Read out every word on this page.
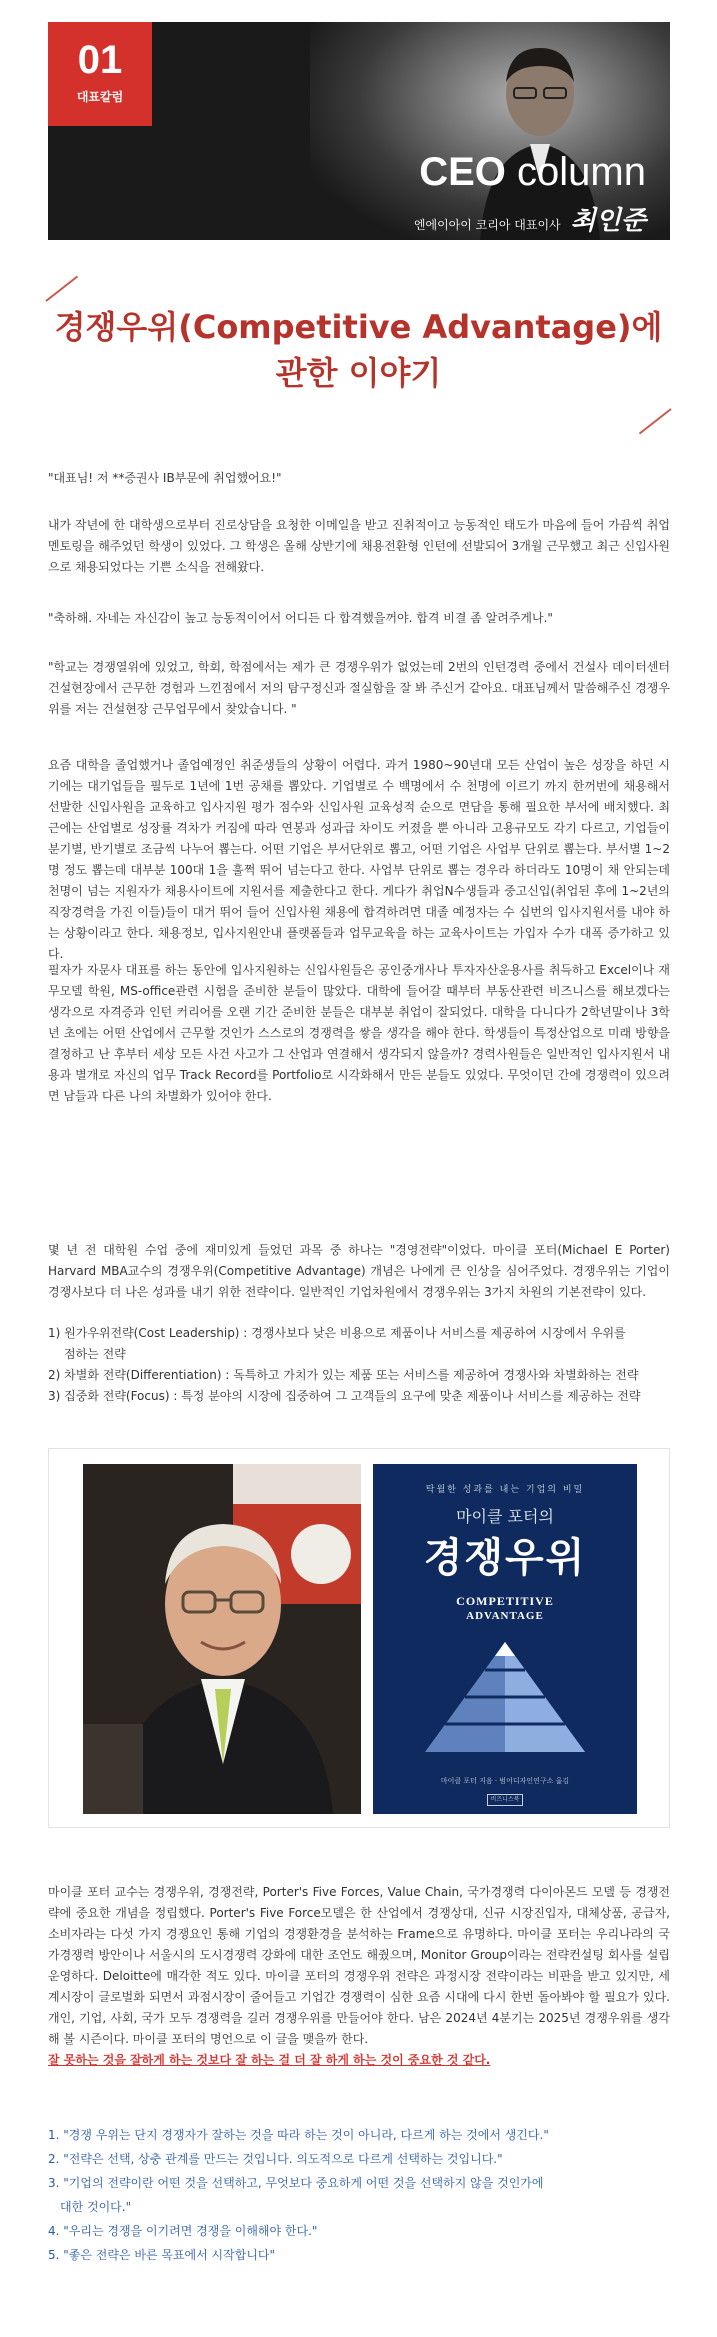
01
대표칼럼
CEO column
엔에이아이 코리아 대표이사 최인준
경쟁우위(Competitive Advantage)에
관한 이야기

"대표님! 저 **증권사 IB부문에 취업했어요!"

내가 작년에 한 대학생으로부터 진로상담을 요청한 이메일을 받고 진취적이고 능동적인 태도가 마음에 들어 가끔씩 취업 멘토링을 해주었던 학생이 있었다. 그 학생은 올해 상반기에 채용전환형 인턴에 선발되어 3개월 근무했고 최근 신입사원으로 채용되었다는 기쁜 소식을 전해왔다.

"축하해. 자네는 자신감이 높고 능동적이어서 어디든 다 합격했을꺼야. 합격 비결 좀 알려주게나."

"학교는 경쟁열위에 있었고, 학회, 학점에서는 제가 큰 경쟁우위가 없었는데 2번의 인턴경력 중에서 건설사 데이터센터 건설현장에서 근무한 경험과 느낀점에서 저의 탐구정신과 절실함을 잘 봐 주신거 같아요. 대표님께서 말씀해주신 경쟁우위를 저는 건설현장 근무업무에서 찾았습니다. "

요즘 대학을 졸업했거나 졸업예정인 취준생들의 상황이 어렵다. 과거 1980~90년대 모든 산업이 높은 성장을 하던 시기에는 대기업들을 필두로 1년에 1번 공채를 뽑았다. 기업별로 수 백명에서 수 천명에 이르기 까지 한꺼번에 채용해서 선발한 신입사원을 교육하고 입사지원 평가 점수와 신입사원 교육성적 순으로 면담을 통해 필요한 부서에 배치했다. 최근에는 산업별로 성장률 격차가 커짐에 따라 연봉과 성과급 차이도 커졌을 뿐 아니라 고용규모도 각기 다르고, 기업들이 분기별, 반기별로 조금씩 나누어 뽑는다. 어떤 기업은 부서단위로 뽑고, 어떤 기업은 사업부 단위로 뽑는다. 부서별 1~2명 정도 뽑는데 대부분 100대 1을 훌쩍 뛰어 넘는다고 한다. 사업부 단위로 뽑는 경우라 하더라도 10명이 채 안되는데 천명이 넘는 지원자가 채용사이트에 지원서를 제출한다고 한다. 게다가 취업N수생들과 중고신입(취업된 후에 1~2년의 직장경력을 가진 이들)들이 대거 뛰어 들어 신입사원 채용에 합격하려면 대졸 예정자는 수 십번의 입사지원서를 내야 하는 상황이라고 한다. 채용정보, 입사지원안내 플랫폼들과 업무교육을 하는 교육사이트는 가입자 수가 대폭 증가하고 있다.

필자가 자문사 대표를 하는 동안에 입사지원하는 신입사원들은 공인중개사나 투자자산운용사를 취득하고 Excel이나 재무모델 학원, MS-office관련 시험을 준비한 분들이 많았다. 대학에 들어갈 때부터 부동산관련 비즈니스를 해보겠다는 생각으로 자격증과 인턴 커리어를 오랜 기간 준비한 분들은 대부분 취업이 잘되었다. 대학을 다니다가 2학년말이나 3학년 초에는 어떤 산업에서 근무할 것인가 스스로의 경쟁력을 쌓을 생각을 해야 한다. 학생들이 특정산업으로 미래 방향을 결정하고 난 후부터 세상 모든 사건 사고가 그 산업과 연결해서 생각되지 않을까? 경력사원들은 일반적인 입사지원서 내용과 별개로 자신의 업무 Track Record를 Portfolio로 시각화해서 만든 분들도 있었다. 무엇이던 간에 경쟁력이 있으려면 남들과 다른 나의 차별화가 있어야 한다.

몇 년 전 대학원 수업 중에 재미있게 들었던 과목 중 하나는 "경영전략"이었다. 마이클 포터(Michael E Porter) Harvard MBA교수의 경쟁우위(Competitive Advantage) 개념은 나에게 큰 인상을 심어주었다. 경쟁우위는 기업이 경쟁사보다 더 나은 성과를 내기 위한 전략이다. 일반적인 기업차원에서 경쟁우위는 3가지 차원의 기본전략이 있다.

1) 원가우위전략(Cost Leadership) : 경쟁사보다 낮은 비용으로 제품이나 서비스를 제공하여 시장에서 우위를
점하는 전략
2) 차별화 전략(Differentiation) : 독특하고 가치가 있는 제품 또는 서비스를 제공하여 경쟁사와 차별화하는 전략
3) 집중화 전략(Focus) : 특정 분야의 시장에 집중하여 그 고객들의 요구에 맞춘 제품이나 서비스를 제공하는 전략
탁월한 성과를 내는 기업의 비밀
마이클 포터의
경쟁우위
COMPETITIVE
ADVANTAGE
마이클 포터 지음 · 범어디자인연구소 옮김
비즈니스북

마이클 포터 교수는 경쟁우위, 경쟁전략, Porter's Five Forces, Value Chain, 국가경쟁력 다이아몬드 모델 등 경쟁전략에 중요한 개념을 정립했다. Porter's Five Force모델은 한 산업에서 경쟁상대, 신규 시장진입자, 대체상품, 공급자, 소비자라는 다섯 가지 경쟁요인 통해 기업의 경쟁환경을 분석하는 Frame으로 유명하다. 마이클 포터는 우리나라의 국가경쟁력 방안이나 서울시의 도시경쟁력 강화에 대한 조언도 해줬으며, Monitor Group이라는 전략컨설팅 회사를 설립 운영하다. Deloitte에 매각한 적도 있다. 마이클 포터의 경쟁우위 전략은 과정시장 전략이라는 비판을 받고 있지만, 세계시장이 글로벌화 되면서 과점시장이 줄어들고 기업간 경쟁력이 심한 요즘 시대에 다시 한번 돌아봐야 할 필요가 있다. 개인, 기업, 사회, 국가 모두 경쟁력을 길러 경쟁우위를 만들어야 한다. 남은 2024년 4분기는 2025년 경쟁우위를 생각해 볼 시즌이다. 마이클 포터의 명언으로 이 글을 맺을까 한다.

잘 못하는 것을 잘하게 하는 것보다 잘 하는 걸 더 잘 하게 하는 것이 중요한 것 같다.

1. "경쟁 우위는 단지 경쟁자가 잘하는 것을 따라 하는 것이 아니라, 다르게 하는 것에서 생긴다."
2. "전략은 선택, 상충 관계를 만드는 것입니다. 의도적으로 다르게 선택하는 것입니다."
3. "기업의 전략이란 어떤 것을 선택하고, 무엇보다 중요하게 어떤 것을 선택하지 않을 것인가에
대한 것이다."
4. "우리는 경쟁을 이기려면 경쟁을 이해해야 한다."
5. "좋은 전략은 바른 목표에서 시작합니다"
